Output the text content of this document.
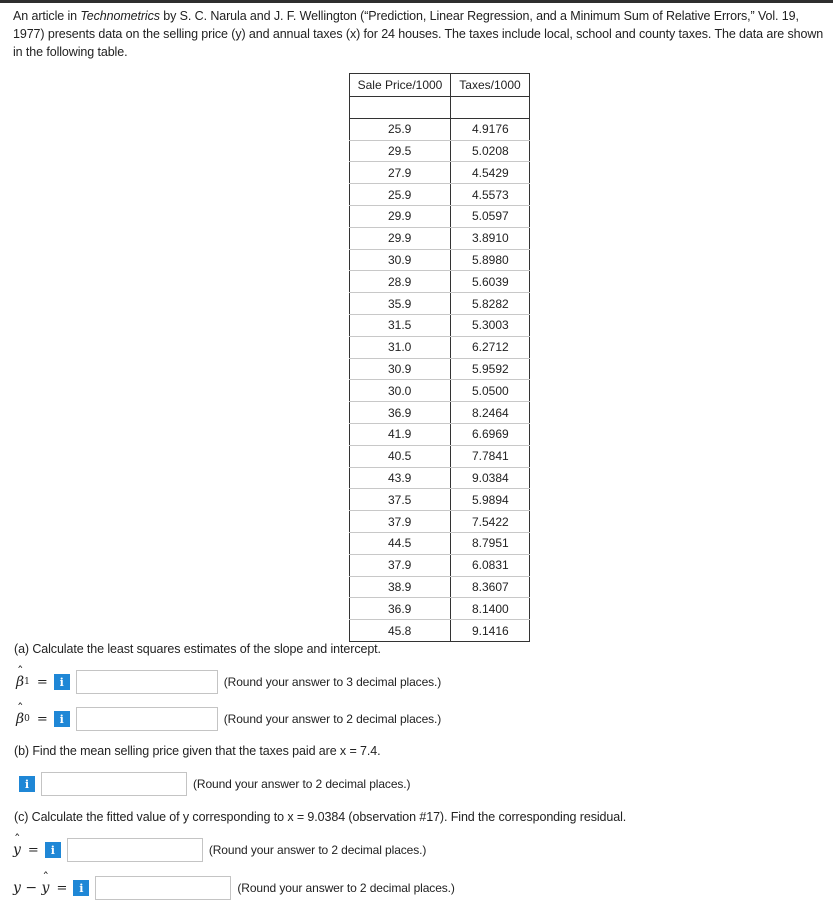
An article in Technometrics by S. C. Narula and J. F. Wellington (“Prediction, Linear Regression, and a Minimum Sum of Relative Errors,” Vol. 19, 1977) presents data on the selling price (y) and annual taxes (x) for 24 houses. The taxes include local, school and county taxes. The data are shown in the following table.
Sale Price/1000	Taxes/1000

25.9	4.9176
29.5	5.0208
27.9	4.5429
25.9	4.5573
29.9	5.0597
29.9	3.8910
30.9	5.8980
28.9	5.6039
35.9	5.8282
31.5	5.3003
31.0	6.2712
30.9	5.9592
30.0	5.0500
36.9	8.2464
41.9	6.6969
40.5	7.7841
43.9	9.0384
37.5	5.9894
37.9	7.5422
44.5	8.7951
37.9	6.0831
38.9	8.3607
36.9	8.1400
45.8	9.1416
(a) Calculate the least squares estimates of the slope and intercept.
ˆ β 1 =	i	(Round your answer to 3 decimal places.)
ˆ β 0 =	i	(Round your answer to 2 decimal places.)
(b) Find the mean selling price given that the taxes paid are x = 7.4.
i	(Round your answer to 2 decimal places.)
(c) Calculate the fitted value of y corresponding to x = 9.0384 (observation #17). Find the corresponding residual.
ˆ y =	i	(Round your answer to 2 decimal places.)
y − ˆ y =	i	(Round your answer to 2 decimal places.)
